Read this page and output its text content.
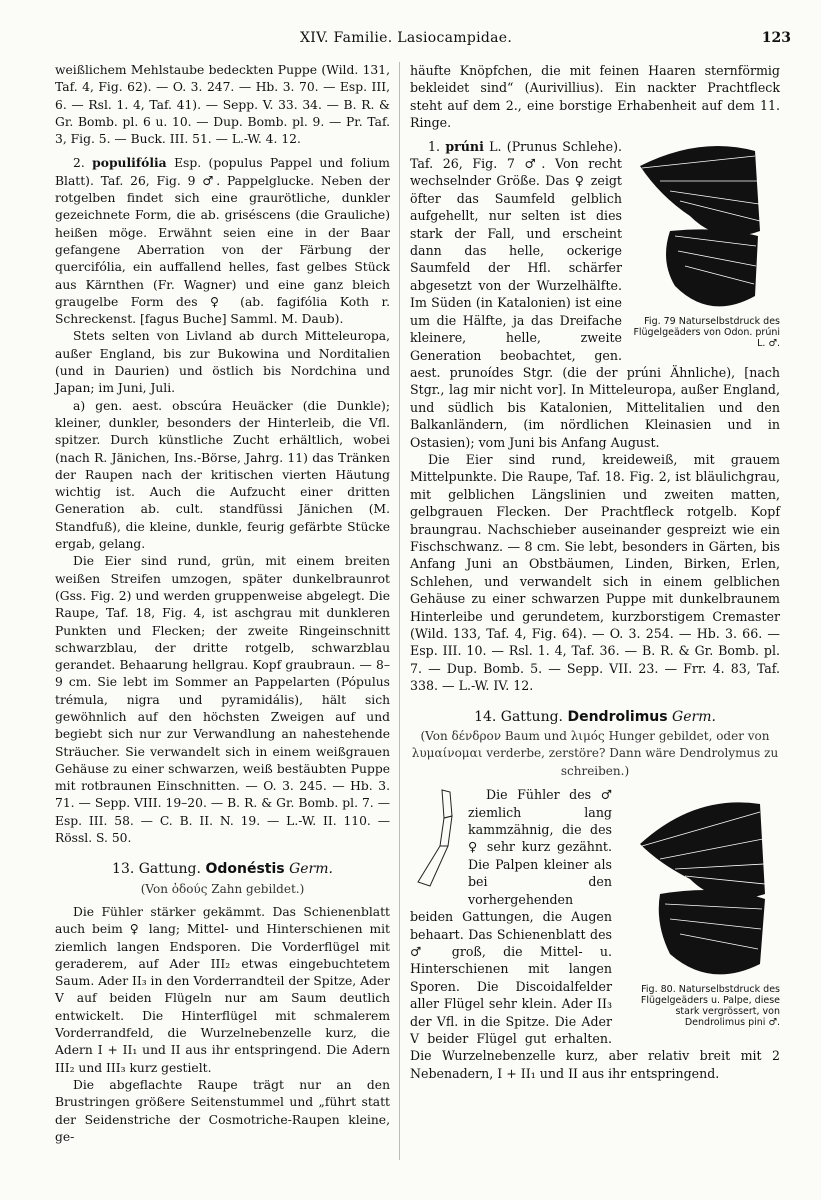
XIV. Familie. Lasiocampidae.	123

weißlichem Mehlstaube bedeckten Puppe (Wild. 131, Taf. 4, Fig. 62). — O. 3. 247. — Hb. 3. 70. — Esp. III, 6. — Rsl. 1. 4, Taf. 41). — Sepp. V. 33. 34. — B. R. & Gr. Bomb. pl. 6 u. 10. — Dup. Bomb. pl. 9. — Pr. Taf. 3, Fig. 5. — Buck. III. 51. — L.-W. 4. 12.

2. populifólia Esp. (populus Pappel und folium Blatt). Taf. 26, Fig. 9 ♂. Pappelglucke. Neben der rotgelben findet sich eine graurötliche, dunkler gezeichnete Form, die ab. griséscens (die Grauliche) heißen möge. Erwähnt seien eine in der Baar gefangene Aberration von der Färbung der quercifólia, ein auffallend helles, fast gelbes Stück aus Kärnthen (Fr. Wagner) und eine ganz bleich graugelbe Form des ♀ (ab. fagifólia Koth r. Schreckenst. [fagus Buche] Samml. M. Daub).

Stets selten von Livland ab durch Mitteleuropa, außer England, bis zur Bukowina und Norditalien (und in Daurien) und östlich bis Nordchina und Japan; im Juni, Juli.

a) gen. aest. obscúra Heuäcker (die Dunkle); kleiner, dunkler, besonders der Hinterleib, die Vfl. spitzer. Durch künstliche Zucht erhältlich, wobei (nach R. Jänichen, Ins.-Börse, Jahrg. 11) das Tränken der Raupen nach der kritischen vierten Häutung wichtig ist. Auch die Aufzucht einer dritten Generation ab. cult. standfüssi Jänichen (M. Standfuß), die kleine, dunkle, feurig gefärbte Stücke ergab, gelang.

Die Eier sind rund, grün, mit einem breiten weißen Streifen umzogen, später dunkelbraunrot (Gss. Fig. 2) und werden gruppenweise abgelegt. Die Raupe, Taf. 18, Fig. 4, ist aschgrau mit dunkleren Punkten und Flecken; der zweite Ringeinschnitt schwarzblau, der dritte rotgelb, schwarzblau gerandet. Behaarung hellgrau. Kopf graubraun. — 8–9 cm. Sie lebt im Sommer an Pappelarten (Pópulus trémula, nigra und pyramidális), hält sich gewöhnlich auf den höchsten Zweigen auf und begiebt sich nur zur Verwandlung an nahestehende Sträucher. Sie verwandelt sich in einem weißgrauen Gehäuse zu einer schwarzen, weiß bestäubten Puppe mit rotbraunen Einschnitten. — O. 3. 245. — Hb. 3. 71. — Sepp. VIII. 19–20. — B. R. & Gr. Bomb. pl. 7. — Esp. III. 58. — C. B. II. N. 19. — L.-W. II. 110. — Rössl. S. 50.

13. Gattung. Odonéstis Germ.
(Von ὀδούς Zahn gebildet.)

Die Fühler stärker gekämmt. Das Schienenblatt auch beim ♀ lang; Mittel- und Hinterschienen mit ziemlich langen Endsporen. Die Vorderflügel mit geraderem, auf Ader III₂ etwas eingebuchtetem Saum. Ader II₃ in den Vorderrandteil der Spitze, Ader V auf beiden Flügeln nur am Saum deutlich entwickelt. Die Hinterflügel mit schmalerem Vorderrandfeld, die Wurzelnebenzelle kurz, die Adern I + II₁ und II aus ihr entspringend. Die Adern III₂ und III₃ kurz gestielt.

Die abgeflachte Raupe trägt nur an den Brustringen größere Seitenstummel und „führt statt der Seidenstriche der Cosmotriche-Raupen kleine, ge-

häufte Knöpfchen, die mit feinen Haaren sternförmig bekleidet sind“ (Aurivillius). Ein nackter Prachtfleck steht auf dem 2., eine borstige Erhabenheit auf dem 11. Ringe.

Fig. 79 Naturselbstdruck des Flügelgeäders von Odon. prúni L. ♂.

1. prúni L. (Prunus Schlehe). Taf. 26, Fig. 7 ♂. Von recht wechselnder Größe. Das ♀ zeigt öfter das Saumfeld gelblich aufgehellt, nur selten ist dies stark der Fall, und erscheint dann das helle, ockerige Saumfeld der Hfl. schärfer abgesetzt von der Wurzelhälfte. Im Süden (in Katalonien) ist eine um die Hälfte, ja das Dreifache kleinere, helle, zweite Generation beobachtet, gen. aest. prunoídes Stgr. (die der prúni Ähnliche), [nach Stgr., lag mir nicht vor]. In Mitteleuropa, außer England, und südlich bis Katalonien, Mittelitalien und den Balkanländern, (im nördlichen Kleinasien und in Ostasien); vom Juni bis Anfang August.

Die Eier sind rund, kreideweiß, mit grauem Mittelpunkte. Die Raupe, Taf. 18. Fig. 2, ist bläulichgrau, mit gelblichen Längslinien und zweiten matten, gelbgrauen Flecken. Der Prachtfleck rotgelb. Kopf braungrau. Nachschieber auseinander gespreizt wie ein Fischschwanz. — 8 cm. Sie lebt, besonders in Gärten, bis Anfang Juni an Obstbäumen, Linden, Birken, Erlen, Schlehen, und verwandelt sich in einem gelblichen Gehäuse zu einer schwarzen Puppe mit dunkelbraunem Hinterleibe und gerundetem, kurzborstigem Cremaster (Wild. 133, Taf. 4, Fig. 64). — O. 3. 254. — Hb. 3. 66. — Esp. III. 10. — Rsl. 1. 4, Taf. 36. — B. R. & Gr. Bomb. pl. 7. — Dup. Bomb. 5. — Sepp. VII. 23. — Frr. 4. 83, Taf. 338. — L.-W. IV. 12.

14. Gattung. Dendrolimus Germ.
(Von δένδρον Baum und λιμός Hunger gebildet, oder von λυμαίνομαι verderbe, zerstöre? Dann wäre Dendrolymus zu schreiben.)
Fig. 80. Naturselbstdruck des Flügelgeäders u. Palpe, diese stark vergrössert, von Dendrolimus pini ♂.

Die Fühler des ♂ ziemlich lang kammzähnig, die des ♀ sehr kurz gezähnt. Die Palpen kleiner als bei den vorhergehenden beiden Gattungen, die Augen behaart. Das Schienenblatt des ♂ groß, die Mittel- u. Hinterschienen mit langen Sporen. Die Discoidalfelder aller Flügel sehr klein. Ader II₃ der Vfl. in die Spitze. Die Ader V beider Flügel gut erhalten. Die Wurzelnebenzelle kurz, aber relativ breit mit 2 Nebenadern, I + II₁ und II aus ihr entspringend.
